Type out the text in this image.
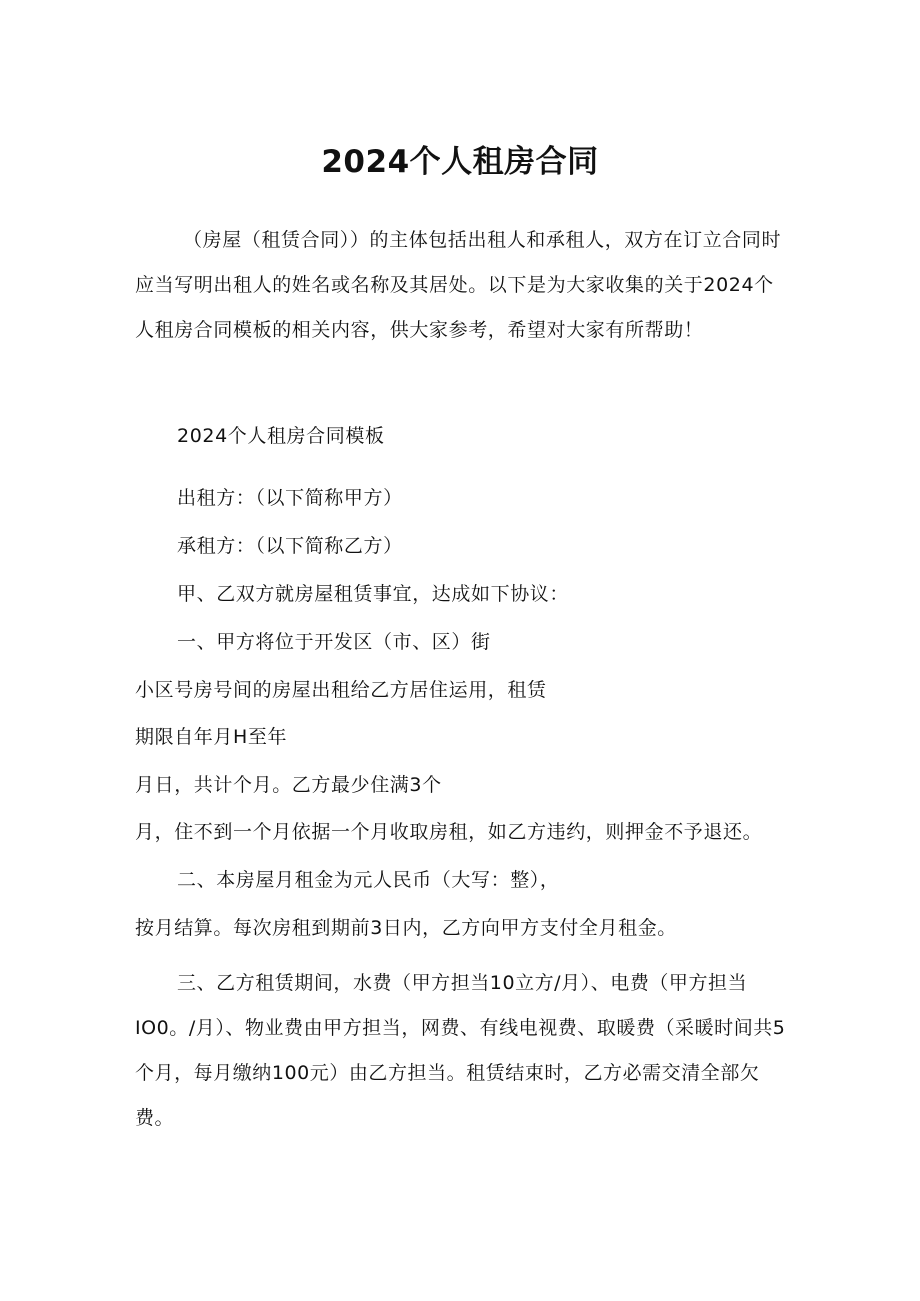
2024个人租房合同

（房屋（租赁合同））的主体包括出租人和承租人，双方在订立合同时应当写明出租人的姓名或名称及其居处。以下是为大家收集的关于2024个人租房合同模板的相关内容，供大家参考，希望对大家有所帮助！

2024个人租房合同模板

出租方：（以下简称甲方）

承租方：（以下简称乙方）

甲、乙双方就房屋租赁事宜，达成如下协议：

一、甲方将位于开发区（市、区）街

小区号房号间的房屋出租给乙方居住运用，租赁

期限自年月H至年

月日，共计个月。乙方最少住满3个

月，住不到一个月依据一个月收取房租，如乙方违约，则押金不予退还。

二、本房屋月租金为元人民币（大写：整），

按月结算。每次房租到期前3日内，乙方向甲方支付全月租金。

三、乙方租赁期间，水费（甲方担当10立方/月）、电费（甲方担当IO0。/月）、物业费由甲方担当，网费、有线电视费、取暖费（采暖时间共5个月，每月缴纳100元）由乙方担当。租赁结束时，乙方必需交清全部欠费。
